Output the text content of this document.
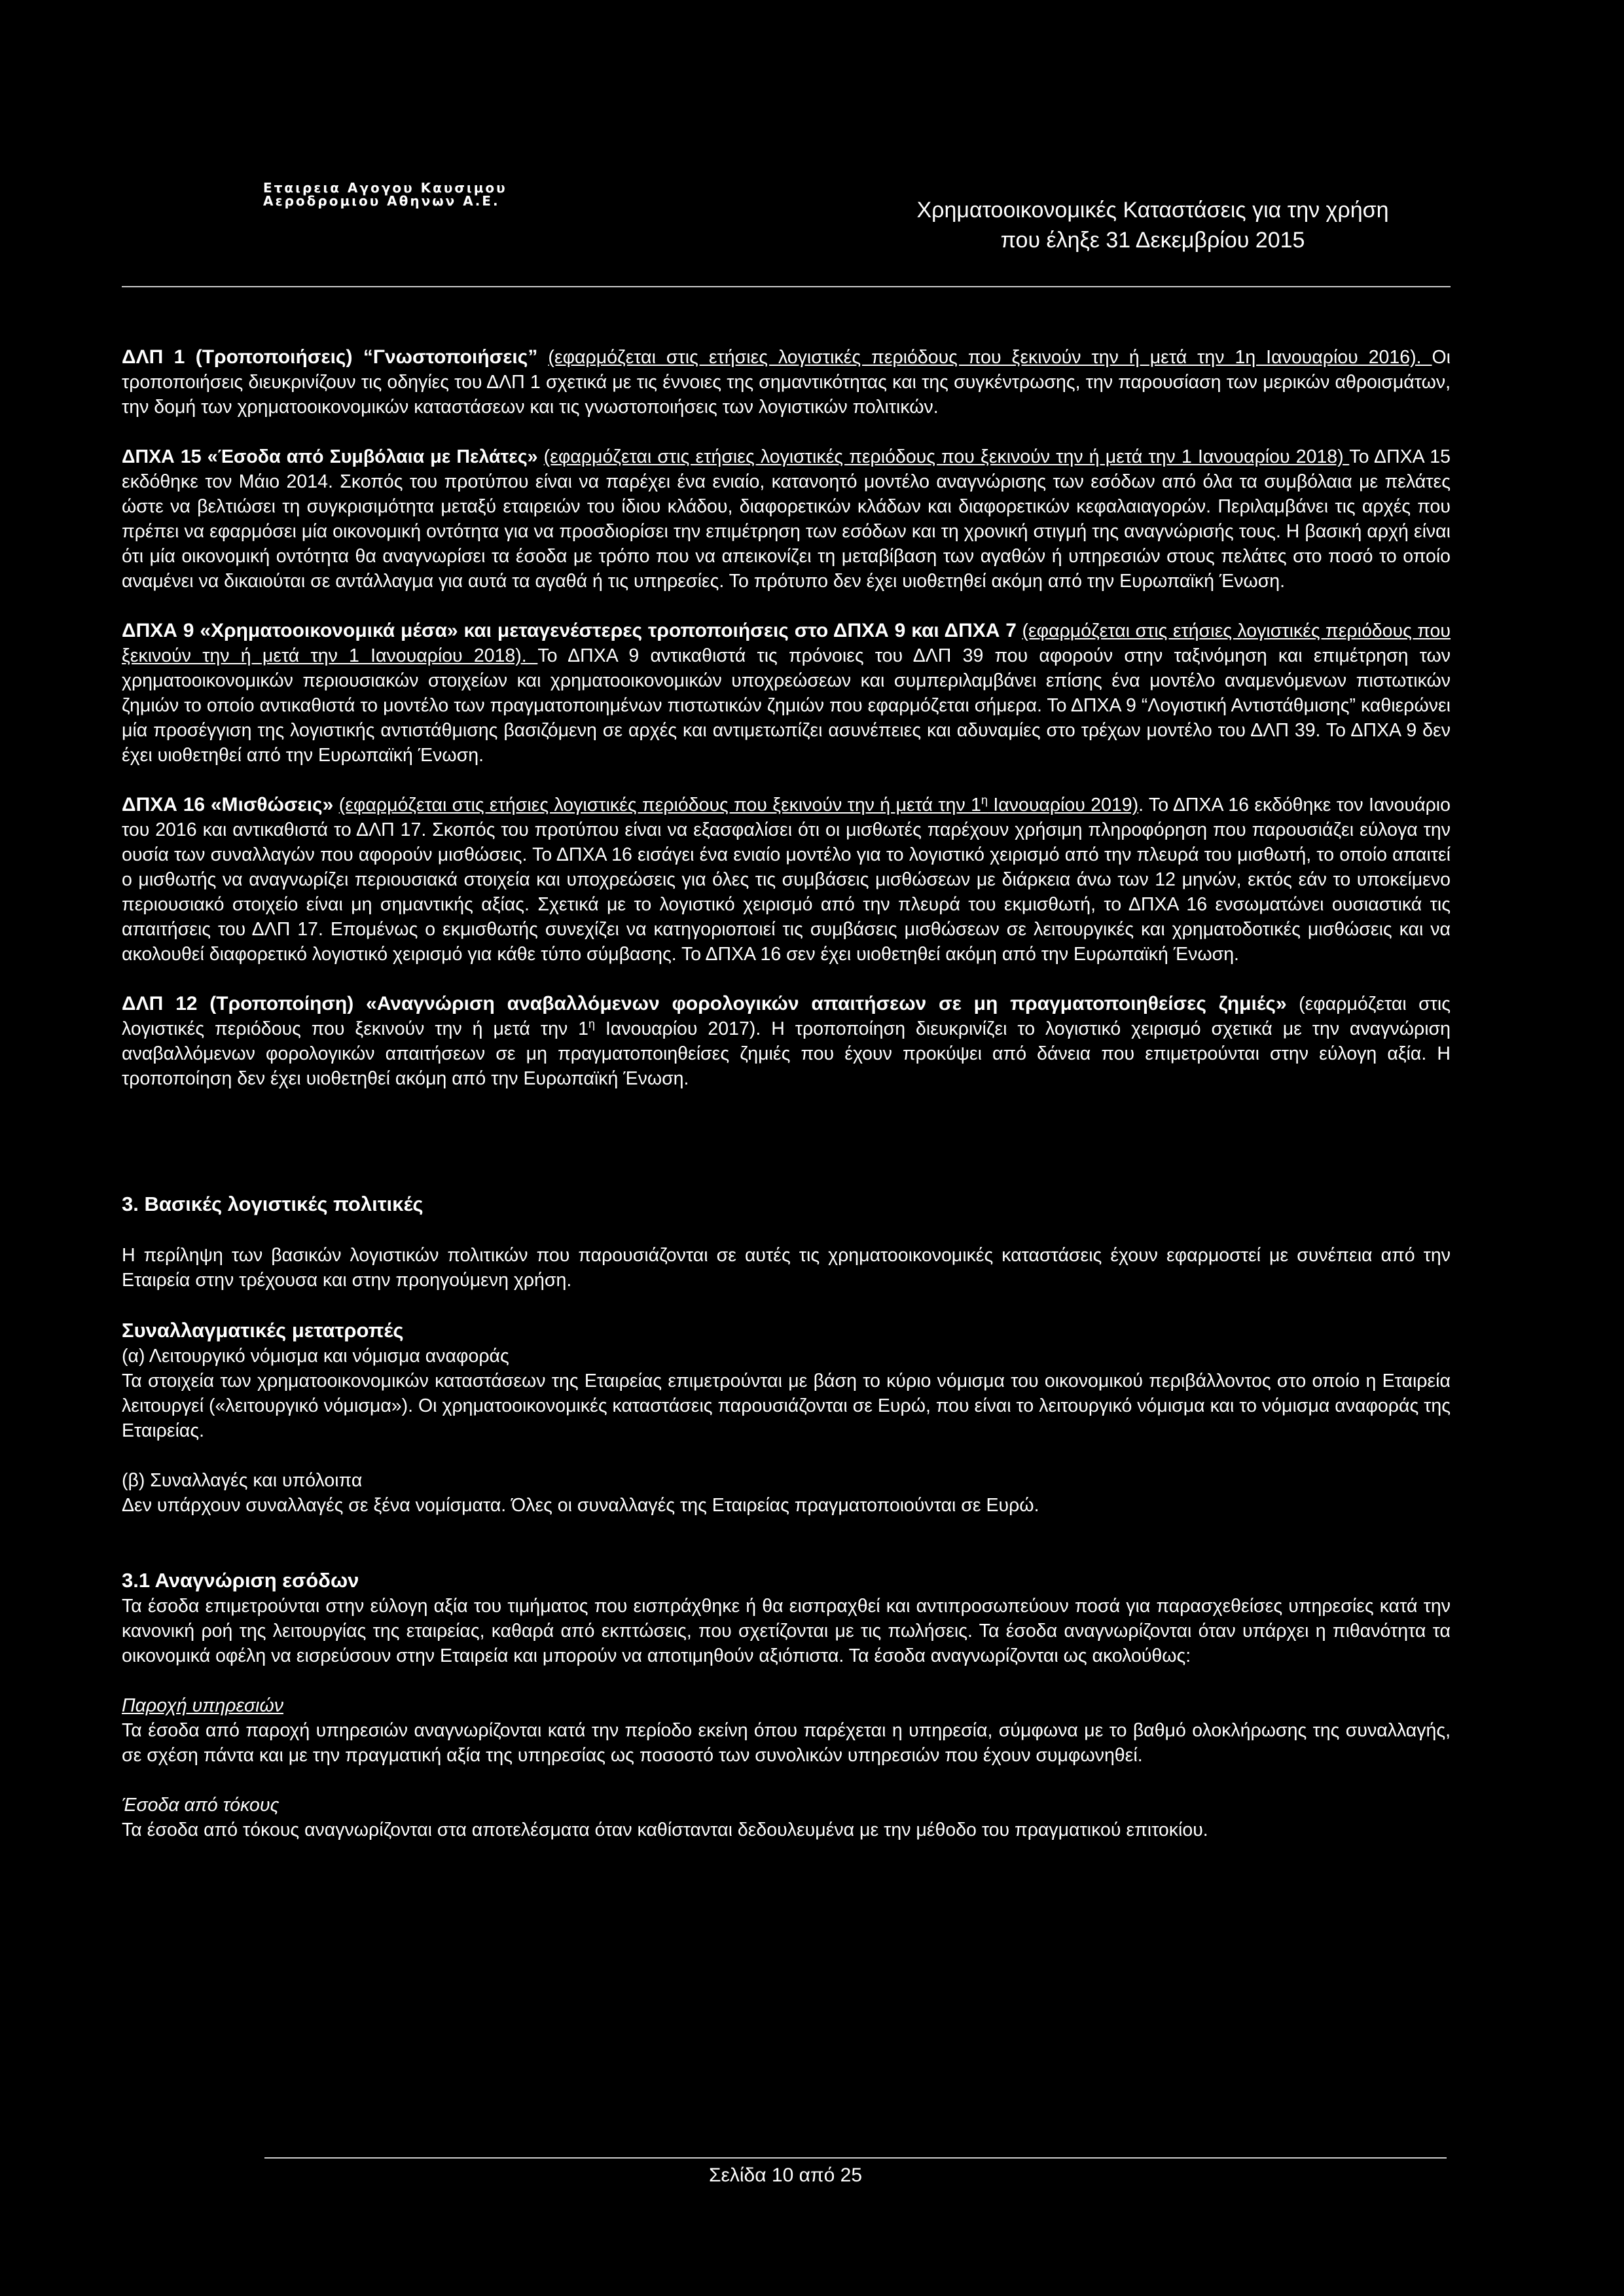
Εταιρεια Αγογου Καυσιμου
Αεροδρομιου Αθηνων Α.Ε.	Χρηματοοικονομικές Καταστάσεις για την χρήση
που έληξε 31 Δεκεμβρίου 2015

ΔΛΠ 1 (Τροποποιήσεις) “Γνωστοποιήσεις” (εφαρμόζεται στις ετήσιες λογιστικές περιόδους που ξεκινούν την ή μετά την 1η Ιανουαρίου 2016). Οι τροποποιήσεις διευκρινίζουν τις οδηγίες του ΔΛΠ 1 σχετικά με τις έννοιες της σημαντικότητας και της συγκέντρωσης, την παρουσίαση των μερικών αθροισμάτων, την δομή των χρηματοοικονομικών καταστάσεων και τις γνωστοποιήσεις των λογιστικών πολιτικών.

ΔΠΧΑ 15 «Έσοδα από Συμβόλαια με Πελάτες» (εφαρμόζεται στις ετήσιες λογιστικές περιόδους που ξεκινούν την ή μετά την 1 Ιανουαρίου 2018) Το ΔΠΧΑ 15 εκδόθηκε τον Μάιο 2014. Σκοπός του προτύπου είναι να παρέχει ένα ενιαίο, κατανοητό μοντέλο αναγνώρισης των εσόδων από όλα τα συμβόλαια με πελάτες ώστε να βελτιώσει τη συγκρισιμότητα μεταξύ εταιρειών του ίδιου κλάδου, διαφορετικών κλάδων και διαφορετικών κεφαλαιαγορών. Περιλαμβάνει τις αρχές που πρέπει να εφαρμόσει μία οικονομική οντότητα για να προσδιορίσει την επιμέτρηση των εσόδων και τη χρονική στιγμή της αναγνώρισής τους. Η βασική αρχή είναι ότι μία οικονομική οντότητα θα αναγνωρίσει τα έσοδα με τρόπο που να απεικονίζει τη μεταβίβαση των αγαθών ή υπηρεσιών στους πελάτες στο ποσό το οποίο αναμένει να δικαιούται σε αντάλλαγμα για αυτά τα αγαθά ή τις υπηρεσίες. Το πρότυπο δεν έχει υιοθετηθεί ακόμη από την Ευρωπαϊκή Ένωση.

ΔΠΧΑ 9 «Χρηματοοικονομικά μέσα» και μεταγενέστερες τροποποιήσεις στο ΔΠΧΑ 9 και ΔΠΧΑ 7 (εφαρμόζεται στις ετήσιες λογιστικές περιόδους που ξεκινούν την ή μετά την 1 Ιανουαρίου 2018). Το ΔΠΧΑ 9 αντικαθιστά τις πρόνοιες του ΔΛΠ 39 που αφορούν στην ταξινόμηση και επιμέτρηση των χρηματοοικονομικών περιουσιακών στοιχείων και χρηματοοικονομικών υποχρεώσεων και συμπεριλαμβάνει επίσης ένα μοντέλο αναμενόμενων πιστωτικών ζημιών το οποίο αντικαθιστά το μοντέλο των πραγματοποιημένων πιστωτικών ζημιών που εφαρμόζεται σήμερα. Το ΔΠΧΑ 9 “Λογιστική Αντιστάθμισης” καθιερώνει μία προσέγγιση της λογιστικής αντιστάθμισης βασιζόμενη σε αρχές και αντιμετωπίζει ασυνέπειες και αδυναμίες στο τρέχων μοντέλο του ΔΛΠ 39. Το ΔΠΧΑ 9 δεν έχει υιοθετηθεί από την Ευρωπαϊκή Ένωση.

ΔΠΧΑ 16 «Μισθώσεις» (εφαρμόζεται στις ετήσιες λογιστικές περιόδους που ξεκινούν την ή μετά την $1^\eta$ Ιανουαρίου 2019). Το ΔΠΧΑ 16 εκδόθηκε τον Ιανουάριο του 2016 και αντικαθιστά το ΔΛΠ 17. Σκοπός του προτύπου είναι να εξασφαλίσει ότι οι μισθωτές παρέχουν χρήσιμη πληροφόρηση που παρουσιάζει εύλογα την ουσία των συναλλαγών που αφορούν μισθώσεις. Το ΔΠΧΑ 16 εισάγει ένα ενιαίο μοντέλο για το λογιστικό χειρισμό από την πλευρά του μισθωτή, το οποίο απαιτεί ο μισθωτής να αναγνωρίζει περιουσιακά στοιχεία και υποχρεώσεις για όλες τις συμβάσεις μισθώσεων με διάρκεια άνω των 12 μηνών, εκτός εάν το υποκείμενο περιουσιακό στοιχείο είναι μη σημαντικής αξίας. Σχετικά με το λογιστικό χειρισμό από την πλευρά του εκμισθωτή, το ΔΠΧΑ 16 ενσωματώνει ουσιαστικά τις απαιτήσεις του ΔΛΠ 17. Επομένως ο εκμισθωτής συνεχίζει να κατηγοριοποιεί τις συμβάσεις μισθώσεων σε λειτουργικές και χρηματοδοτικές μισθώσεις και να ακολουθεί διαφορετικό λογιστικό χειρισμό για κάθε τύπο σύμβασης. Το ΔΠΧΑ 16 σεν έχει υιοθετηθεί ακόμη από την Ευρωπαϊκή Ένωση.

ΔΛΠ 12 (Τροποποίηση) «Αναγνώριση αναβαλλόμενων φορολογικών απαιτήσεων σε μη πραγματοποιηθείσες ζημιές» (εφαρμόζεται στις λογιστικές περιόδους που ξεκινούν την ή μετά την $1^\eta$ Ιανουαρίου 2017). Η τροποποίηση διευκρινίζει το λογιστικό χειρισμό σχετικά με την αναγνώριση αναβαλλόμενων φορολογικών απαιτήσεων σε μη πραγματοποιηθείσες ζημιές που έχουν προκύψει από δάνεια που επιμετρούνται στην εύλογη αξία. Η τροποποίηση δεν έχει υιοθετηθεί ακόμη από την Ευρωπαϊκή Ένωση.

3. Βασικές λογιστικές πολιτικές

Η περίληψη των βασικών λογιστικών πολιτικών που παρουσιάζονται σε αυτές τις χρηματοοικονομικές καταστάσεις έχουν εφαρμοστεί με συνέπεια από την Εταιρεία στην τρέχουσα και στην προηγούμενη χρήση.

Συναλλαγματικές μετατροπές

(α) Λειτουργικό νόμισμα και νόμισμα αναφοράς

Τα στοιχεία των χρηματοοικονομικών καταστάσεων της Εταιρείας επιμετρούνται με βάση το κύριο νόμισμα του οικονομικού περιβάλλοντος στο οποίο η Εταιρεία λειτουργεί («λειτουργικό νόμισμα»). Οι χρηματοοικονομικές καταστάσεις παρουσιάζονται σε Ευρώ, που είναι το λειτουργικό νόμισμα και το νόμισμα αναφοράς της Εταιρείας.

(β) Συναλλαγές και υπόλοιπα

Δεν υπάρχουν συναλλαγές σε ξένα νομίσματα. Όλες οι συναλλαγές της Εταιρείας πραγματοποιούνται σε Ευρώ.

3.1 Αναγνώριση εσόδων

Τα έσοδα επιμετρούνται στην εύλογη αξία του τιμήματος που εισπράχθηκε ή θα εισπραχθεί και αντιπροσωπεύουν ποσά για παρασχεθείσες υπηρεσίες κατά την κανονική ροή της λειτουργίας της εταιρείας, καθαρά από εκπτώσεις, που σχετίζονται με τις πωλήσεις. Τα έσοδα αναγνωρίζονται όταν υπάρχει η πιθανότητα τα οικονομικά οφέλη να εισρεύσουν στην Εταιρεία και μπορούν να αποτιμηθούν αξιόπιστα. Τα έσοδα αναγνωρίζονται ως ακολούθως:

Παροχή υπηρεσιών

Τα έσοδα από παροχή υπηρεσιών αναγνωρίζονται κατά την περίοδο εκείνη όπου παρέχεται η υπηρεσία, σύμφωνα με το βαθμό ολοκλήρωσης της συναλλαγής, σε σχέση πάντα και με την πραγματική αξία της υπηρεσίας ως ποσοστό των συνολικών υπηρεσιών που έχουν συμφωνηθεί.

Έσοδα από τόκους

Τα έσοδα από τόκους αναγνωρίζονται στα αποτελέσματα όταν καθίστανται δεδουλευμένα με την μέθοδο του πραγματικού επιτοκίου.

Σελίδα 10 από 25
